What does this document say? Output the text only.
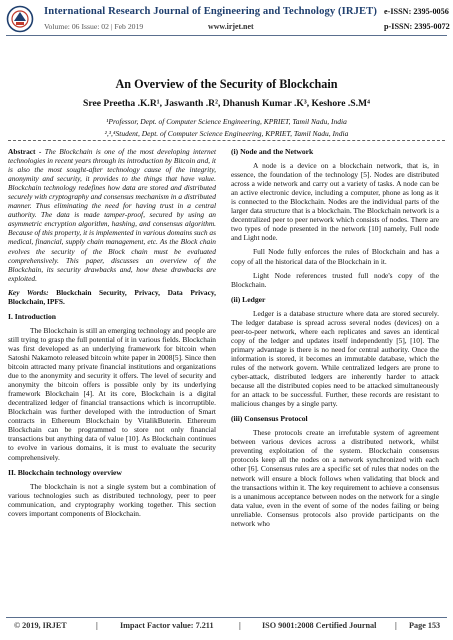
International Research Journal of Engineering and Technology (IRJET) e-ISSN: 2395-0056
Volume: 06 Issue: 02 | Feb 2019	www.irjet.net	p-ISSN: 2395-0072
An Overview of the Security of Blockchain
Sree Preetha .K.R¹, Jaswanth .R², Dhanush Kumar .K³, Keshore .S.M⁴
¹Professor, Dept. of Computer Science Engineering, KPRIET, Tamil Nadu, India
²,³,⁴Student, Dept. of Computer Science Engineering, KPRIET, Tamil Nadu, India

Abstract - The Blockchain is one of the most developing internet technologies in recent years through its introduction by Bitcoin and, it is also the most sought-after technology cause of the integrity, anonymity and security, it provides to the things that have value. Blockchain technology redefines how data are stored and distributed securely with cryptography and consensus mechanism in a distributed manner. Thus eliminating the need for having trust in a central authority. The data is made tamper-proof, secured by using an asymmetric encryption algorithm, hashing, and consensus algorithm. Because of this property, it is implemented in various domains such as medical, financial, supply chain management, etc. As the Block chain evolves the security of the Block chain must be evaluated comprehensively. This paper, discusses an overview of the Blockchain, its security drawbacks and, how these drawbacks are exploited.

Key Words: Blockchain Security, Privacy, Data Privacy, Blockchain, IPFS.

I. Introduction

The Blockchain is still an emerging technology and people are still trying to grasp the full potential of it in various fields. Blockchain was first developed as an underlying framework for bitcoin when Satoshi Nakamoto released bitcoin white paper in 2008[5]. Since then bitcoin attracted many private financial institutions and organizations due to the anonymity and security it offers. The level of security and anonymity the bitcoin offers is possible only by its underlying framework Blockchain [4]. At its core, Blockchain is a digital decentralized ledger of financial transactions which is incorruptible. Blockchain was further developed with the introduction of Smart contracts in Ethereum Blockchain by VitalikButerin. Ethereum Blockchain can be programmed to store not only financial transactions but anything data of value [10]. As Blockchain continues to evolve in various domains, it is must to evaluate the security comprehensively.

II. Blockchain technology overview

The blockchain is not a single system but a combination of various technologies such as distributed technology, peer to peer communication, and cryptography working together. This section covers important components of Blockchain.

(i) Node and the Network

A node is a device on a blockchain network, that is, in essence, the foundation of the technology [5]. Nodes are distributed across a wide network and carry out a variety of tasks. A node can be an active electronic device, including a computer, phone as long as it is connected to the Blockchain. Nodes are the individual parts of the larger data structure that is a blockchain. The Blockchain network is a decentralized peer to peer network which consists of nodes. There are two types of node presented in the network [10] namely, Full node and Light node.

Full Node fully enforces the rules of Blockchain and has a copy of all the historical data of the Blockchain in it.

Light Node references trusted full node's copy of the Blockchain.

(ii) Ledger

Ledger is a database structure where data are stored securely. The ledger database is spread across several nodes (devices) on a peer-to-peer network, where each replicates and saves an identical copy of the ledger and updates itself independently [5], [10]. The primary advantage is there is no need for central authority. Once the information is stored, it becomes an immutable database, which the rules of the network govern. While centralized ledgers are prone to cyber-attack, distributed ledgers are inherently harder to attack because all the distributed copies need to be attacked simultaneously for an attack to be successful. Further, these records are resistant to malicious changes by a single party.

(iii) Consensus Protocol

These protocols create an irrefutable system of agreement between various devices across a distributed network, whilst preventing exploitation of the system. Blockchain consensus protocols keep all the nodes on a network synchronized with each other [6]. Consensus rules are a specific set of rules that nodes on the network will ensure a block follows when validating that block and the transactions within it. The key requirement to achieve a consensus is a unanimous acceptance between nodes on the network for a single data value, even in the event of some of the nodes failing or being unreliable. Consensus protocols also provide participants on the network who

© 2019, IRJET	|	Impact Factor value: 7.211	|	ISO 9001:2008 Certified Journal | Page 153
